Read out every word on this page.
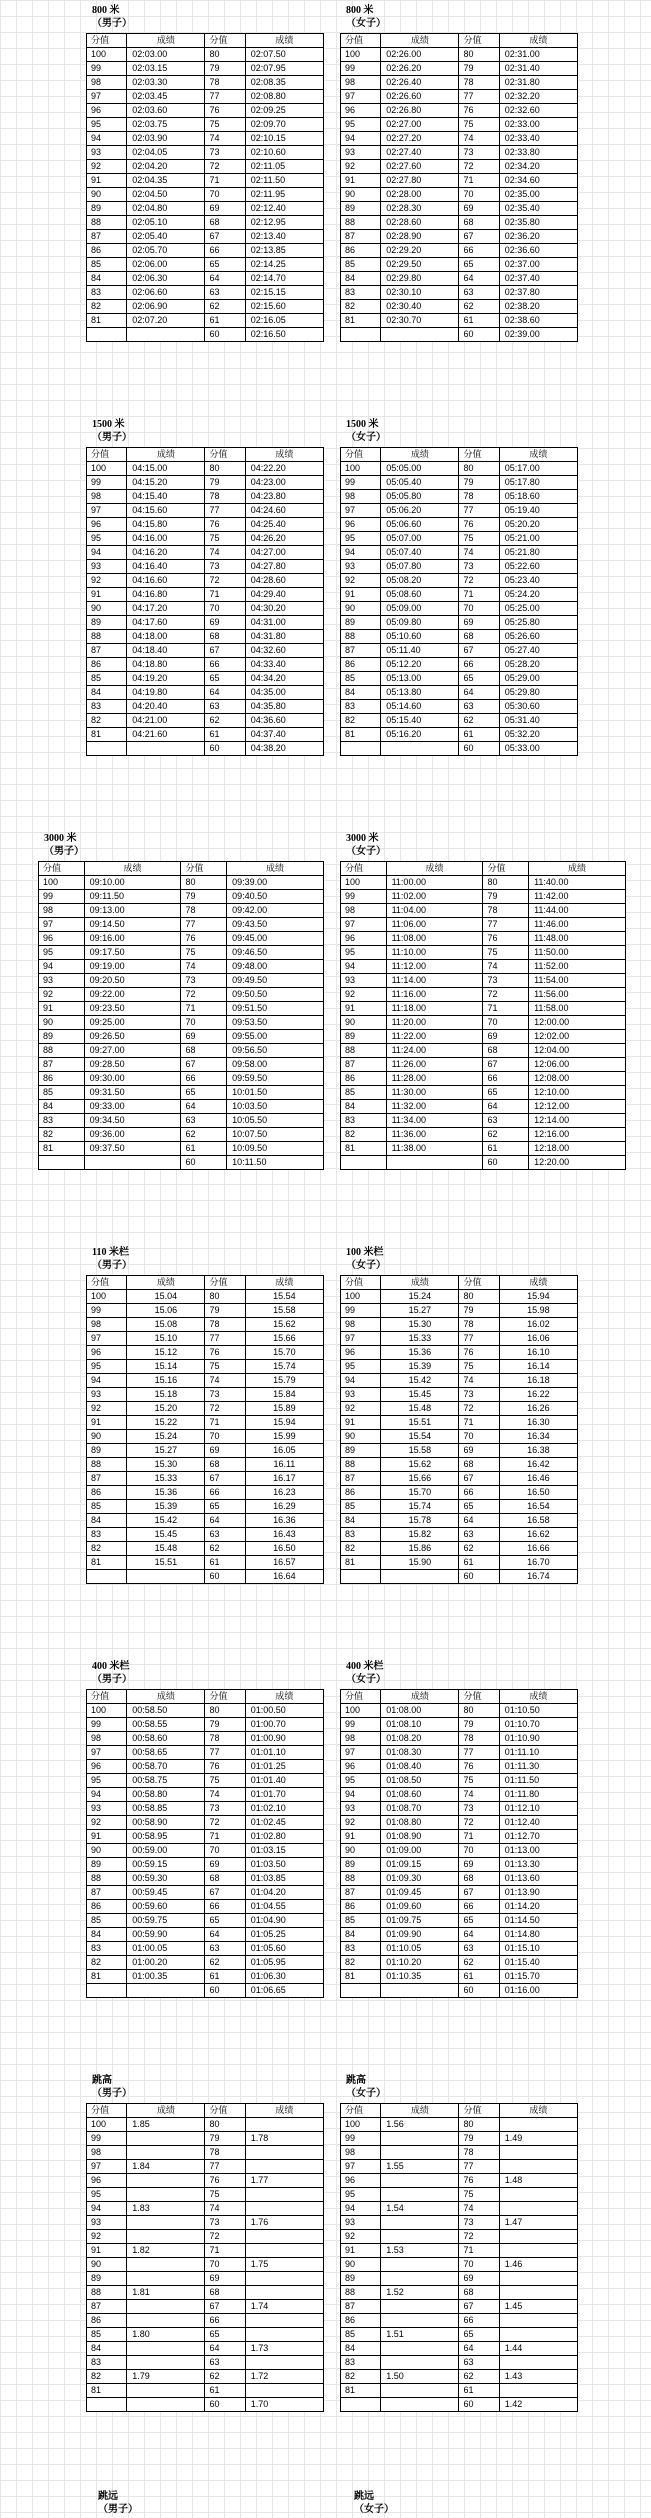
800 米
（男子）
分值	成绩	分值	成绩
100	02:03.00	80	02:07.50
99	02:03.15	79	02:07.95
98	02:03.30	78	02:08.35
97	02:03.45	77	02:08.80
96	02:03.60	76	02:09.25
95	02:03.75	75	02:09.70
94	02:03.90	74	02:10.15
93	02:04.05	73	02:10.60
92	02:04.20	72	02:11.05
91	02:04.35	71	02:11.50
90	02:04.50	70	02:11.95
89	02:04.80	69	02:12.40
88	02:05.10	68	02:12.95
87	02:05.40	67	02:13.40
86	02:05.70	66	02:13.85
85	02:06.00	65	02:14.25
84	02:06.30	64	02:14.70
83	02:06.60	63	02:15.15
82	02:06.90	62	02:15.60
81	02:07.20	61	02:16.05
		60	02:16.50
800 米
（女子）
分值	成绩	分值	成绩
100	02:26.00	80	02:31.00
99	02:26.20	79	02:31.40
98	02:26.40	78	02:31.80
97	02:26.60	77	02:32.20
96	02:26.80	76	02:32.60
95	02:27.00	75	02:33.00
94	02:27.20	74	02:33.40
93	02:27.40	73	02:33.80
92	02:27.60	72	02:34.20
91	02:27.80	71	02:34.60
90	02:28.00	70	02:35.00
89	02:28.30	69	02:35.40
88	02:28.60	68	02:35.80
87	02:28.90	67	02:36.20
86	02:29.20	66	02:36.60
85	02:29.50	65	02:37.00
84	02:29.80	64	02:37.40
83	02:30.10	63	02:37.80
82	02:30.40	62	02:38.20
81	02:30.70	61	02:38.60
		60	02:39.00
1500 米
（男子）
分值	成绩	分值	成绩
100	04:15.00	80	04:22.20
99	04:15.20	79	04:23.00
98	04:15.40	78	04:23.80
97	04:15.60	77	04:24.60
96	04:15.80	76	04:25.40
95	04:16.00	75	04:26.20
94	04:16.20	74	04:27.00
93	04:16.40	73	04:27.80
92	04:16.60	72	04:28.60
91	04:16.80	71	04:29.40
90	04:17.20	70	04:30.20
89	04:17.60	69	04:31.00
88	04:18.00	68	04:31.80
87	04:18.40	67	04:32.60
86	04:18.80	66	04:33.40
85	04:19.20	65	04:34.20
84	04:19.80	64	04:35.00
83	04:20.40	63	04:35.80
82	04:21.00	62	04:36.60
81	04:21.60	61	04:37.40
		60	04:38.20
1500 米
（女子）
分值	成绩	分值	成绩
100	05:05.00	80	05:17.00
99	05:05.40	79	05:17.80
98	05:05.80	78	05:18.60
97	05:06.20	77	05:19.40
96	05:06.60	76	05:20.20
95	05:07.00	75	05:21.00
94	05:07.40	74	05:21.80
93	05:07.80	73	05:22.60
92	05:08.20	72	05:23.40
91	05:08.60	71	05:24.20
90	05:09.00	70	05:25.00
89	05:09.80	69	05:25.80
88	05:10.60	68	05:26.60
87	05:11.40	67	05:27.40
86	05:12.20	66	05:28.20
85	05:13.00	65	05:29.00
84	05:13.80	64	05:29.80
83	05:14.60	63	05:30.60
82	05:15.40	62	05:31.40
81	05:16.20	61	05:32.20
		60	05:33.00
3000 米
（男子）
分值	成绩	分值	成绩
100	09:10.00	80	09:39.00
99	09:11.50	79	09:40.50
98	09:13.00	78	09:42.00
97	09:14.50	77	09:43.50
96	09:16.00	76	09:45.00
95	09:17.50	75	09:46.50
94	09:19.00	74	09:48.00
93	09:20.50	73	09:49.50
92	09:22.00	72	09:50.50
91	09:23.50	71	09:51.50
90	09:25.00	70	09:53.50
89	09:26.50	69	09:55.00
88	09:27.00	68	09:56.50
87	09:28.50	67	09:58.00
86	09:30.00	66	09:59.50
85	09:31.50	65	10:01.50
84	09:33.00	64	10:03.50
83	09:34.50	63	10:05.50
82	09:36.00	62	10:07.50
81	09:37.50	61	10:09.50
		60	10:11.50
3000 米
（女子）
分值	成绩	分值	成绩
100	11:00.00	80	11:40.00
99	11:02.00	79	11:42.00
98	11:04.00	78	11:44.00
97	11:06.00	77	11:46.00
96	11:08.00	76	11:48.00
95	11:10.00	75	11:50.00
94	11:12.00	74	11:52.00
93	11:14.00	73	11:54.00
92	11:16.00	72	11:56.00
91	11:18.00	71	11:58.00
90	11:20.00	70	12:00.00
89	11:22.00	69	12:02.00
88	11:24.00	68	12:04.00
87	11:26.00	67	12:06.00
86	11:28.00	66	12:08.00
85	11:30.00	65	12:10.00
84	11:32.00	64	12:12.00
83	11:34.00	63	12:14.00
82	11:36.00	62	12:16.00
81	11:38.00	61	12:18.00
		60	12:20.00
110 米栏
（男子）
分值	成绩	分值	成绩
100	15.04	80	15.54
99	15.06	79	15.58
98	15.08	78	15.62
97	15.10	77	15.66
96	15.12	76	15.70
95	15.14	75	15.74
94	15.16	74	15.79
93	15.18	73	15.84
92	15.20	72	15.89
91	15.22	71	15.94
90	15.24	70	15.99
89	15.27	69	16.05
88	15.30	68	16.11
87	15.33	67	16.17
86	15.36	66	16.23
85	15.39	65	16.29
84	15.42	64	16.36
83	15.45	63	16.43
82	15.48	62	16.50
81	15.51	61	16.57
		60	16.64
100 米栏
（女子）
分值	成绩	分值	成绩
100	15.24	80	15.94
99	15.27	79	15.98
98	15.30	78	16.02
97	15.33	77	16.06
96	15.36	76	16.10
95	15.39	75	16.14
94	15.42	74	16.18
93	15.45	73	16.22
92	15.48	72	16.26
91	15.51	71	16.30
90	15.54	70	16.34
89	15.58	69	16.38
88	15.62	68	16.42
87	15.66	67	16.46
86	15.70	66	16.50
85	15.74	65	16.54
84	15.78	64	16.58
83	15.82	63	16.62
82	15.86	62	16.66
81	15.90	61	16.70
		60	16.74
400 米栏
（男子）
分值	成绩	分值	成绩
100	00:58.50	80	01:00.50
99	00:58.55	79	01:00.70
98	00:58.60	78	01:00.90
97	00:58.65	77	01:01.10
96	00:58.70	76	01:01.25
95	00:58.75	75	01:01.40
94	00:58.80	74	01:01.70
93	00:58.85	73	01:02.10
92	00:58.90	72	01:02.45
91	00:58.95	71	01:02.80
90	00:59.00	70	01:03.15
89	00:59.15	69	01:03.50
88	00:59.30	68	01:03.85
87	00:59.45	67	01:04.20
86	00:59.60	66	01:04.55
85	00:59.75	65	01:04.90
84	00:59.90	64	01:05.25
83	01:00.05	63	01:05.60
82	01:00.20	62	01:05.95
81	01:00.35	61	01:06.30
		60	01:06.65
400 米栏
（女子）
分值	成绩	分值	成绩
100	01:08.00	80	01:10.50
99	01:08.10	79	01:10.70
98	01:08.20	78	01:10.90
97	01:08.30	77	01:11.10
96	01:08.40	76	01:11.30
95	01:08.50	75	01:11.50
94	01:08.60	74	01:11.80
93	01:08.70	73	01:12.10
92	01:08.80	72	01:12.40
91	01:08.90	71	01:12.70
90	01:09.00	70	01:13.00
89	01:09.15	69	01:13.30
88	01:09.30	68	01:13.60
87	01:09.45	67	01:13.90
86	01:09.60	66	01:14.20
85	01:09.75	65	01:14.50
84	01:09.90	64	01:14.80
83	01:10.05	63	01:15.10
82	01:10.20	62	01:15.40
81	01:10.35	61	01:15.70
		60	01:16.00
跳高
（男子）
分值	成绩	分值	成绩
100	1.85	80	
99		79	1.78
98		78	
97	1.84	77	
96		76	1.77
95		75	
94	1.83	74	
93		73	1.76
92		72	
91	1.82	71	
90		70	1.75
89		69	
88	1.81	68	
87		67	1.74
86		66	
85	1.80	65	
84		64	1.73
83		63	
82	1.79	62	1.72
81		61	
		60	1.70
跳高
（女子）
分值	成绩	分值	成绩
100	1.56	80	
99		79	1.49
98		78	
97	1.55	77	
96		76	1.48
95		75	
94	1.54	74	
93		73	1.47
92		72	
91	1.53	71	
90		70	1.46
89		69	
88	1.52	68	
87		67	1.45
86		66	
85	1.51	65	
84		64	1.44
83		63	
82	1.50	62	1.43
81		61	
		60	1.42
跳远
（男子）
跳远
（女子）
